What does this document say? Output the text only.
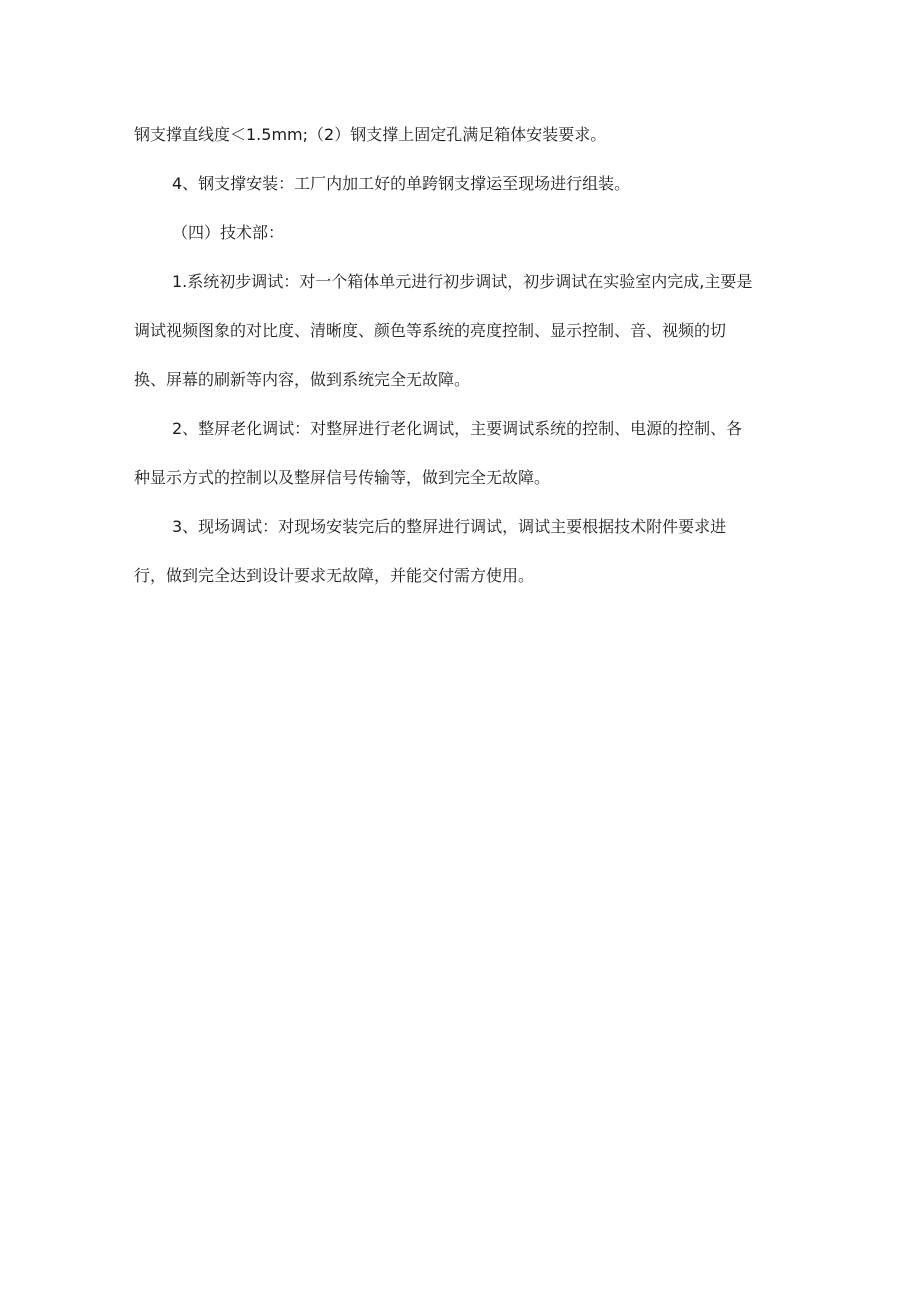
钢支撑直线度＜1.5mm;（2）钢支撑上固定孔满足箱体安装要求。
4、钢支撑安装：工厂内加工好的单跨钢支撑运至现场进行组装。
（四）技术部：
1.系统初步调试：对一个箱体单元进行初步调试，初步调试在实验室内完成,主要是
调试视频图象的对比度、清晰度、颜色等系统的亮度控制、显示控制、音、视频的切
换、屏幕的刷新等内容，做到系统完全无故障。
2、整屏老化调试：对整屏进行老化调试，主要调试系统的控制、电源的控制、各
种显示方式的控制以及整屏信号传输等，做到完全无故障。
3、现场调试：对现场安装完后的整屏进行调试，调试主要根据技术附件要求进
行，做到完全达到设计要求无故障，并能交付需方使用。
